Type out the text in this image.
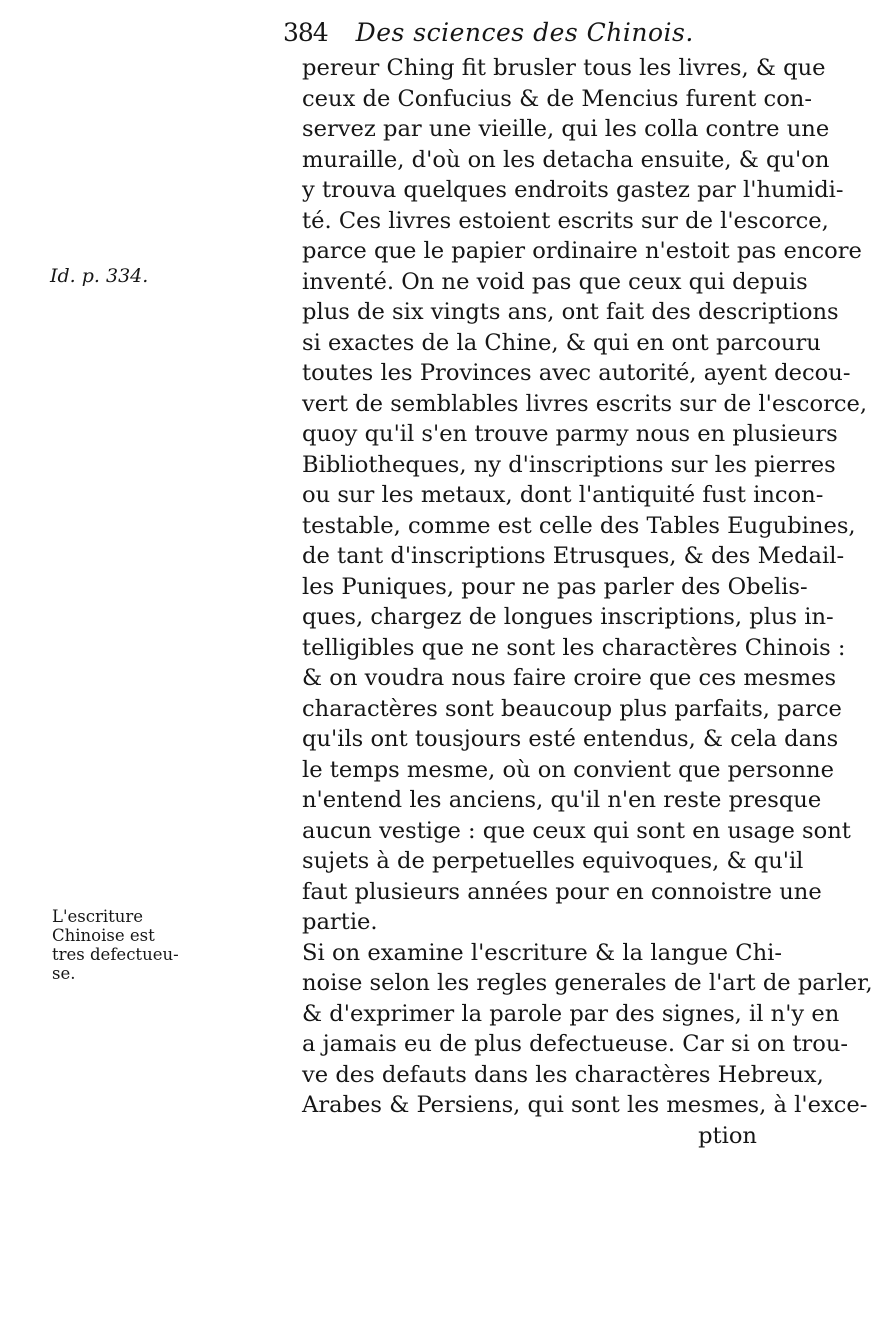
384 Des sciences des Chinois.
Id. p. 334.
L'escriture
Chinoise est
tres defectueu-
se.
pereur Ching fit brusler tous les livres, & que
ceux de Confucius & de Mencius furent con-
servez par une vieille, qui les colla contre une
muraille, d'où on les detacha ensuite, & qu'on
y trouva quelques endroits gastez par l'humidi-
té. Ces livres estoient escrits sur de l'escorce,
parce que le papier ordinaire n'estoit pas encore
inventé. On ne void pas que ceux qui depuis
plus de six vingts ans, ont fait des descriptions
si exactes de la Chine, & qui en ont parcouru
toutes les Provinces avec autorité, ayent decou-
vert de semblables livres escrits sur de l'escorce,
quoy qu'il s'en trouve parmy nous en plusieurs
Bibliotheques, ny d'inscriptions sur les pierres
ou sur les metaux, dont l'antiquité fust incon-
testable, comme est celle des Tables Eugubines,
de tant d'inscriptions Etrusques, & des Medail-
les Puniques, pour ne pas parler des Obelis-
ques, chargez de longues inscriptions, plus in-
telligibles que ne sont les charactères Chinois :
& on voudra nous faire croire que ces mesmes
charactères sont beaucoup plus parfaits, parce
qu'ils ont tousjours esté entendus, & cela dans
le temps mesme, où on convient que personne
n'entend les anciens, qu'il n'en reste presque
aucun vestige : que ceux qui sont en usage sont
sujets à de perpetuelles equivoques, & qu'il
faut plusieurs années pour en connoistre une
partie.
Si on examine l'escriture & la langue Chi-
noise selon les regles generales de l'art de parler,
& d'exprimer la parole par des signes, il n'y en
a jamais eu de plus defectueuse. Car si on trou-
ve des defauts dans les charactères Hebreux,
Arabes & Persiens, qui sont les mesmes, à l'exce-
ption
